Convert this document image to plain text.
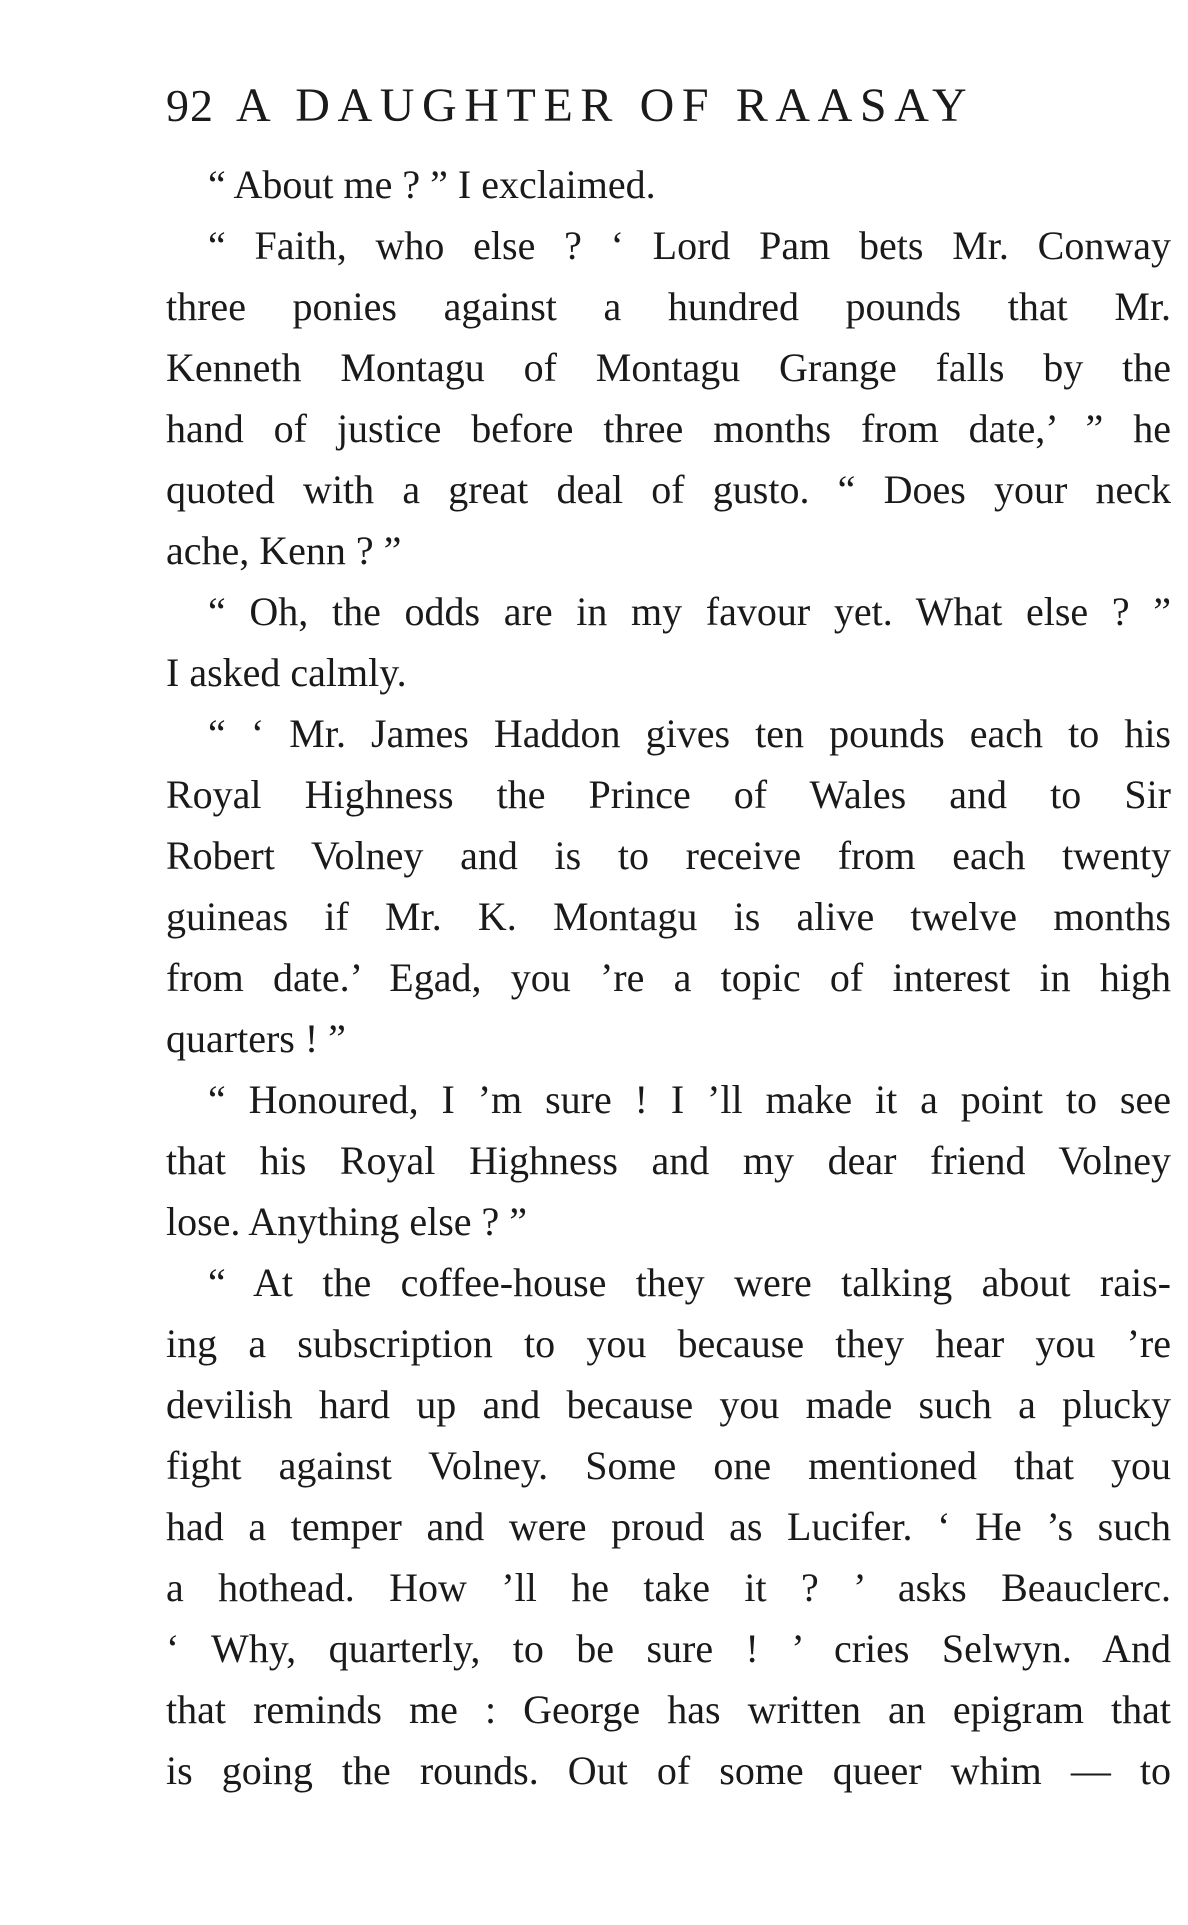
92 A DAUGHTER OF RAASAY
“ About me ? ” I exclaimed.
“ Faith, who else ? ‘ Lord Pam bets Mr. Conway
three ponies against a hundred pounds that Mr.
Kenneth Montagu of Montagu Grange falls by the
hand of justice before three months from date,’ ” he
quoted with a great deal of gusto. “ Does your neck
ache, Kenn ? ”
“ Oh, the odds are in my favour yet. What else ? ”
I asked calmly.
“ ‘ Mr. James Haddon gives ten pounds each to his
Royal Highness the Prince of Wales and to Sir
Robert Volney and is to receive from each twenty
guineas if Mr. K. Montagu is alive twelve months
from date.’ Egad, you ’re a topic of interest in high
quarters ! ”
“ Honoured, I ’m sure ! I ’ll make it a point to see
that his Royal Highness and my dear friend Volney
lose. Anything else ? ”
“ At the coffee-house they were talking about rais-
ing a subscription to you because they hear you ’re
devilish hard up and because you made such a plucky
fight against Volney. Some one mentioned that you
had a temper and were proud as Lucifer. ‘ He ’s such
a hothead. How ’ll he take it ? ’ asks Beauclerc.
‘ Why, quarterly, to be sure ! ’ cries Selwyn. And
that reminds me : George has written an epigram that
is going the rounds. Out of some queer whim — to
